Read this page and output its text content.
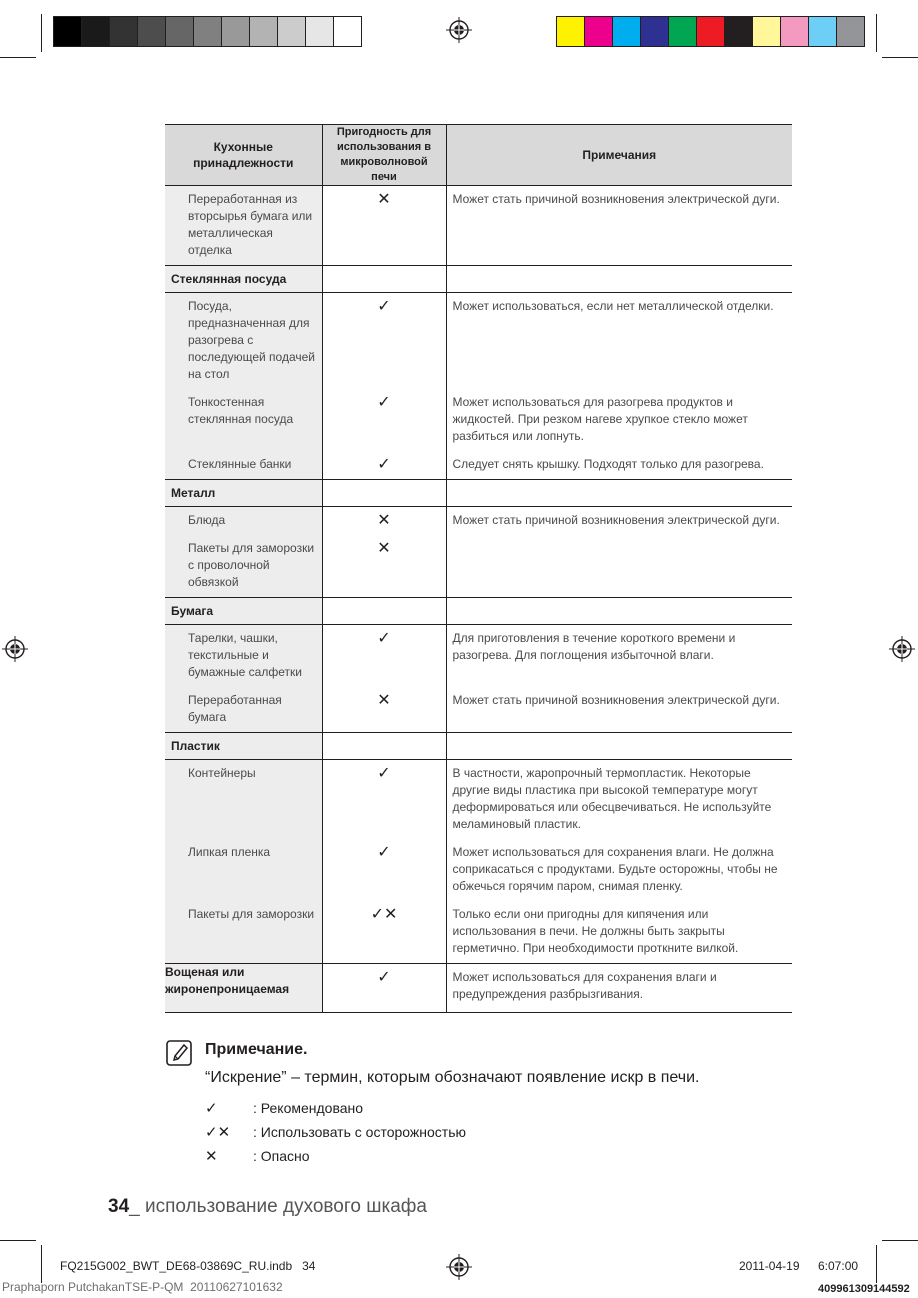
Кухонные принадлежности	Пригодность для использования в микроволновой печи	Примечания
Переработанная из вторсырья бумага или металлическая отделка	✕	Может стать причиной возникновения электрической дуги.
Стеклянная посуда		
Посуда, предназначенная для разогрева с последующей подачей на стол	✓	Может использоваться, если нет металлической отделки.
Тонкостенная стеклянная посуда	✓	Может использоваться для разогрева продуктов и жидкостей. При резком нагеве хрупкое стекло может разбиться или лопнуть.
Стеклянные банки	✓	Следует снять крышку. Подходят только для разогрева.
Металл		
Блюда	✕	Может стать причиной возникновения электрической дуги.
Пакеты для заморозки с проволочной обвязкой	✕	
Бумага		
Тарелки, чашки, текстильные и бумажные салфетки	✓	Для приготовления в течение короткого времени и разогрева. Для поглощения избыточной влаги.
Переработанная бумага	✕	Может стать причиной возникновения электрической дуги.
Пластик		
Контейнеры	✓	В частности, жаропрочный термопластик. Некоторые другие виды пластика при высокой температуре могут деформироваться или обесцвечиваться. Не используйте меламиновый пластик.
Липкая пленка	✓	Может использоваться для сохранения влаги. Не должна соприкасаться с продуктами. Будьте осторожны, чтобы не обжечься горячим паром, снимая пленку.
Пакеты для заморозки	✓✕	Только если они пригодны для кипячения или использования в печи. Не должны быть закрыты герметично. При необходимости проткните вилкой.
Вощеная или жиронепроницаемая	✓	Может использоваться для сохранения влаги и предупреждения разбрызгивания.
Примечание.
“Искрение” – термин, которым обозначают появление искр в печи.
✓	: Рекомендовано
✓✕ : Использовать с осторожностью
✕	: Опасно
34_ использование духового шкафа
FQ215G002_BWT_DE68-03869C_RU.indb   34	2011-04-19 6:07:00
Praphaporn PutchakanTSE-P-QM  20110627101632	409961309144592
